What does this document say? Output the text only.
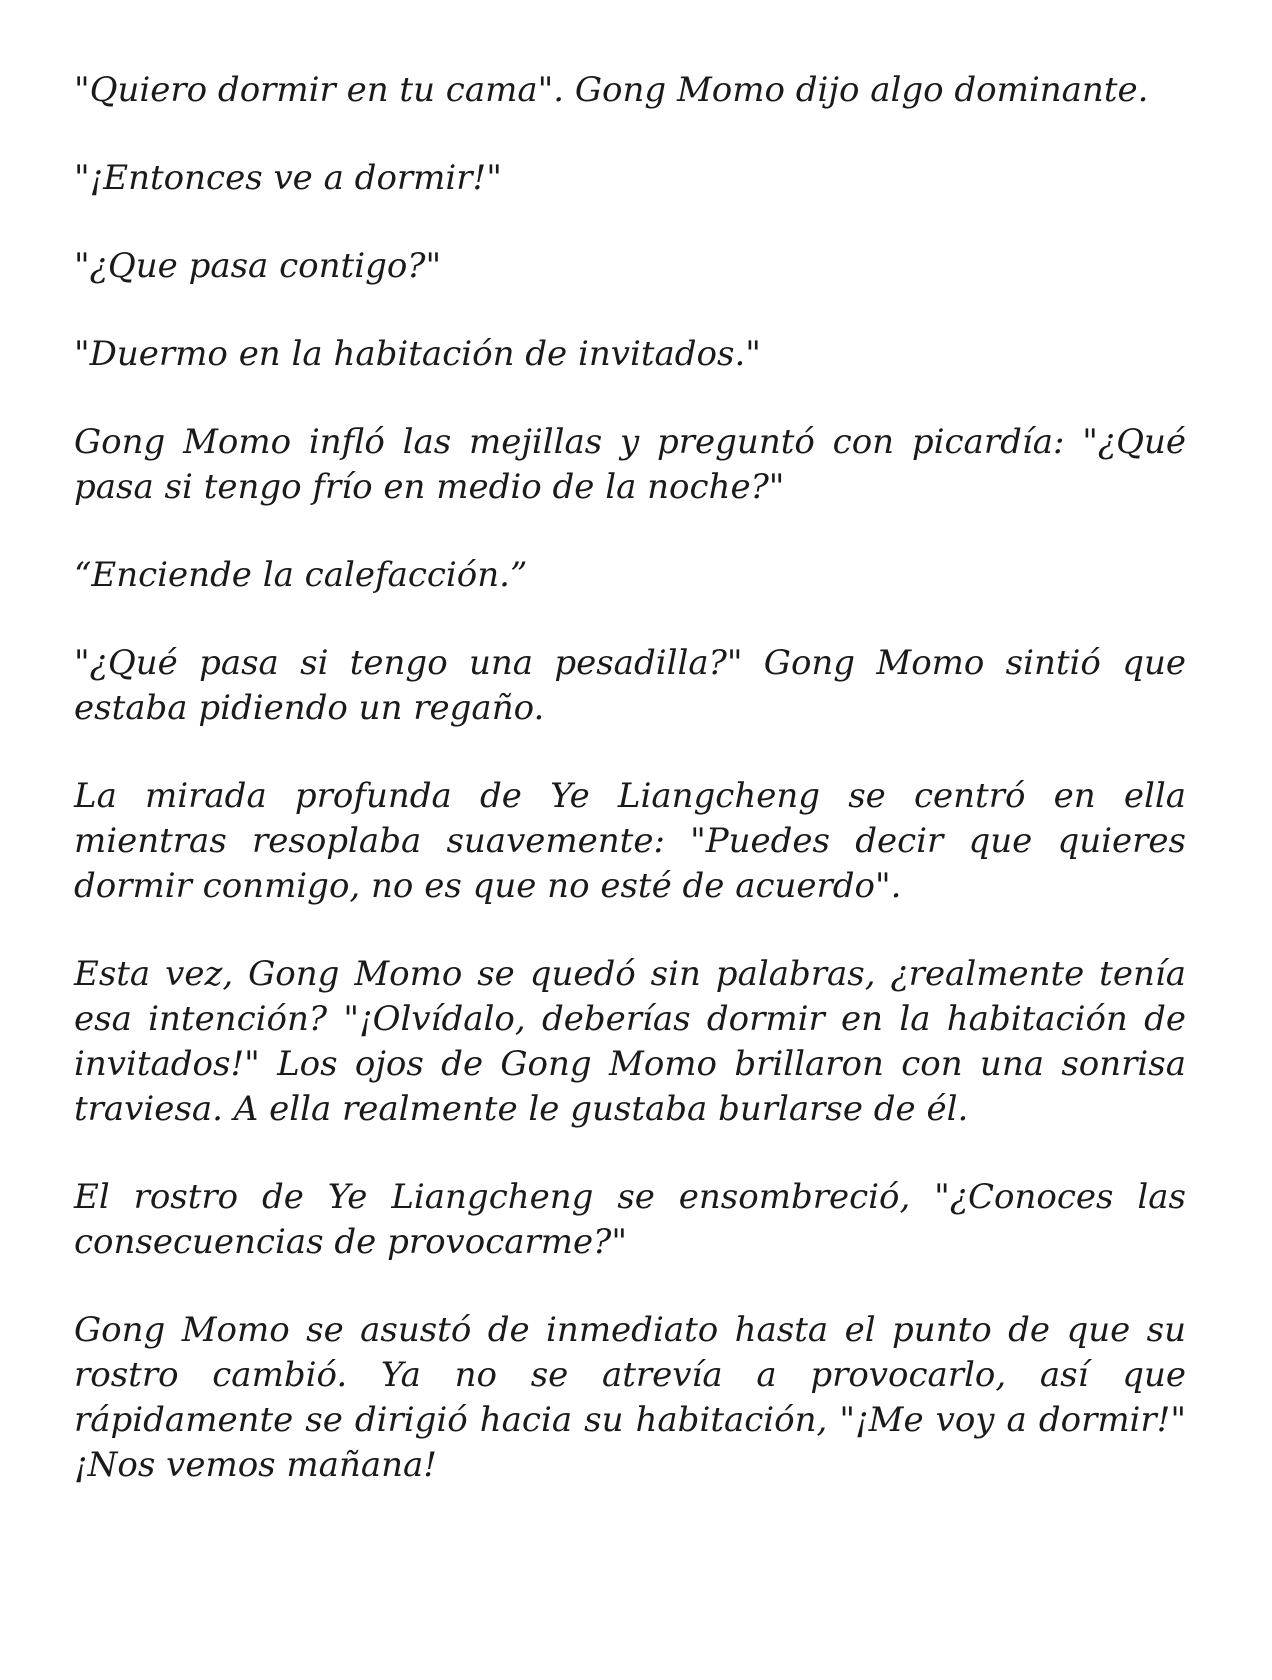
"Quiero dormir en tu cama". Gong Momo dijo algo dominante.

"¡Entonces ve a dormir!"

"¿Que pasa contigo?"

"Duermo en la habitación de invitados."

Gong Momo infló las mejillas y preguntó con picardía: "¿Qué pasa si tengo frío en medio de la noche?"

“Enciende la calefacción.”

"¿Qué pasa si tengo una pesadilla?" Gong Momo sintió que estaba pidiendo un regaño.

La mirada profunda de Ye Liangcheng se centró en ella mientras resoplaba suavemente: "Puedes decir que quieres dormir conmigo, no es que no esté de acuerdo".

Esta vez, Gong Momo se quedó sin palabras, ¿realmente tenía esa intención? "¡Olvídalo, deberías dormir en la habitación de invitados!" Los ojos de Gong Momo brillaron con una sonrisa traviesa. A ella realmente le gustaba burlarse de él.

El rostro de Ye Liangcheng se ensombreció, "¿Conoces las consecuencias de provocarme?"

Gong Momo se asustó de inmediato hasta el punto de que su rostro cambió. Ya no se atrevía a provocarlo, así que rápidamente se dirigió hacia su habitación, "¡Me voy a dormir!" ¡Nos vemos mañana!
